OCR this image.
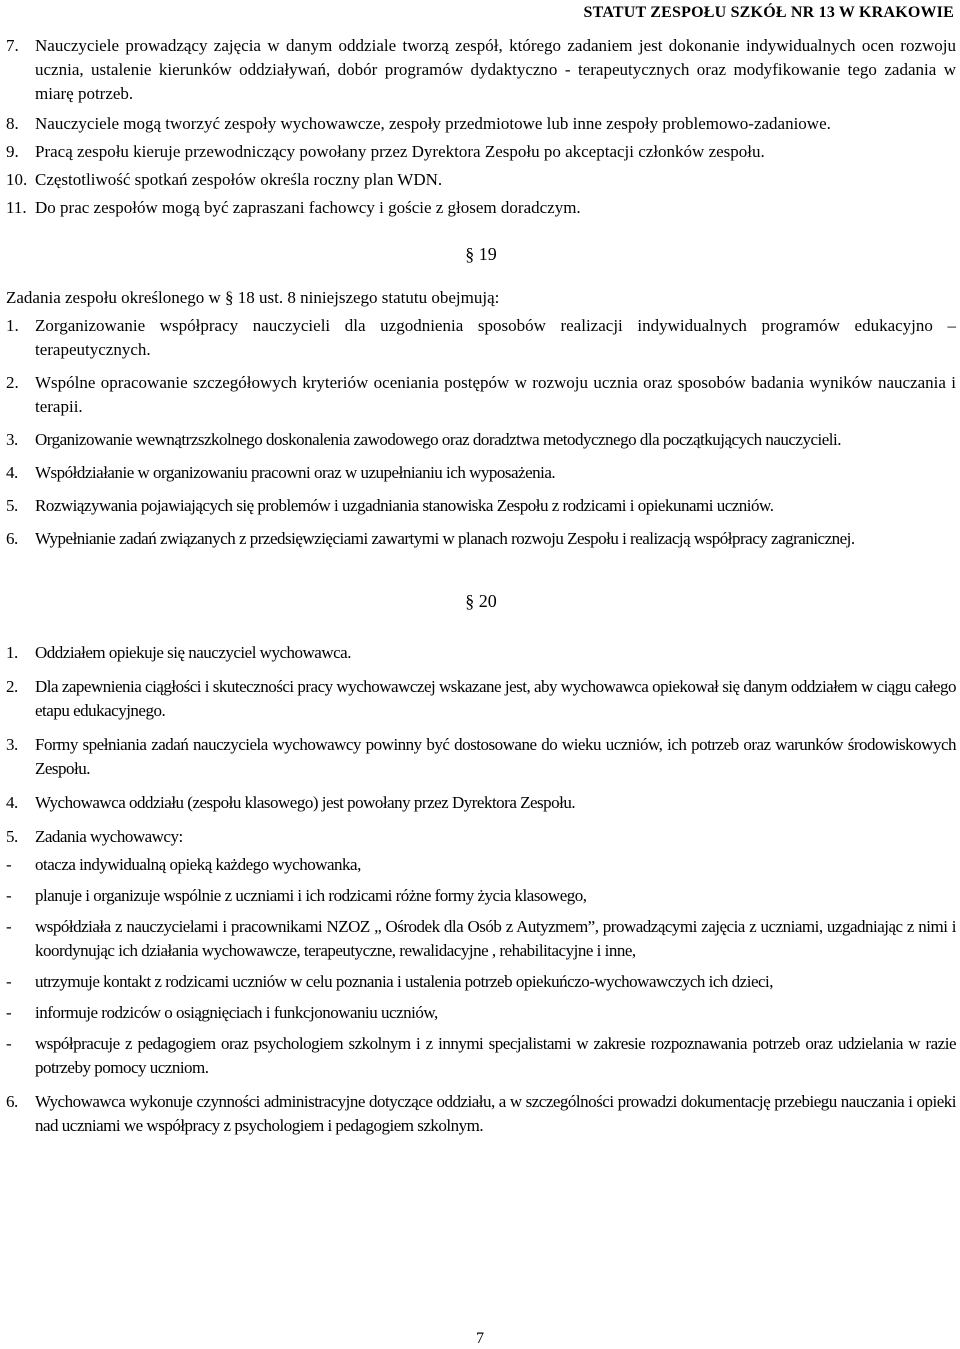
STATUT ZESPOŁU SZKÓŁ NR 13 W KRAKOWIE
7. Nauczyciele prowadzący zajęcia w danym oddziale tworzą zespół, którego zadaniem jest dokonanie indywidualnych ocen rozwoju ucznia, ustalenie kierunków oddziaływań, dobór programów dydaktyczno - terapeutycznych oraz modyfikowanie tego zadania w miarę potrzeb.
8. Nauczyciele mogą tworzyć zespoły wychowawcze, zespoły przedmiotowe lub inne zespoły problemowo-zadaniowe.
9. Pracą zespołu kieruje przewodniczący powołany przez Dyrektora Zespołu po akceptacji członków zespołu.
10. Częstotliwość spotkań zespołów określa roczny plan WDN.
11. Do prac zespołów mogą być zapraszani fachowcy i goście z głosem doradczym.
§ 19
Zadania zespołu określonego w § 18 ust. 8 niniejszego statutu obejmują:
1. Zorganizowanie współpracy nauczycieli dla uzgodnienia sposobów realizacji indywidualnych programów edukacyjno – terapeutycznych.
2. Wspólne opracowanie szczegółowych kryteriów oceniania postępów w rozwoju ucznia oraz sposobów badania wyników nauczania i terapii.
3. Organizowanie wewnątrzszkolnego doskonalenia zawodowego oraz doradztwa metodycznego dla początkujących nauczycieli.
4. Współdziałanie w organizowaniu pracowni oraz w uzupełnianiu ich wyposażenia.
5. Rozwiązywania pojawiających się problemów i uzgadniania stanowiska Zespołu z rodzicami i opiekunami uczniów.
6. Wypełnianie zadań związanych z przedsięwzięciami zawartymi w planach rozwoju Zespołu i realizacją współpracy zagranicznej.
§ 20
1. Oddziałem opiekuje się nauczyciel wychowawca.
2. Dla zapewnienia ciągłości i skuteczności pracy wychowawczej wskazane jest, aby wychowawca opiekował się danym oddziałem w ciągu całego etapu edukacyjnego.
3. Formy spełniania zadań nauczyciela wychowawcy powinny być dostosowane do wieku uczniów, ich potrzeb oraz warunków środowiskowych Zespołu.
4. Wychowawca oddziału (zespołu klasowego) jest powołany przez Dyrektora Zespołu.
5. Zadania wychowawcy:
- otacza indywidualną opieką każdego wychowanka,
- planuje i organizuje wspólnie z uczniami i ich rodzicami różne formy życia klasowego,
- współdziała z nauczycielami i pracownikami NZOZ „ Ośrodek dla Osób z Autyzmem”, prowadzącymi zajęcia z uczniami, uzgadniając z nimi i koordynując ich działania wychowawcze, terapeutyczne, rewalidacyjne , rehabilitacyjne i inne,
- utrzymuje kontakt z rodzicami uczniów w celu poznania i ustalenia potrzeb opiekuńczo-wychowawczych ich dzieci,
- informuje rodziców o osiągnięciach i funkcjonowaniu uczniów,
- współpracuje z pedagogiem oraz psychologiem szkolnym i z innymi specjalistami w zakresie rozpoznawania potrzeb oraz udzielania w razie potrzeby pomocy uczniom.
6. Wychowawca wykonuje czynności administracyjne dotyczące oddziału, a w szczególności prowadzi dokumentację przebiegu nauczania i opieki nad uczniami we współpracy z psychologiem i pedagogiem szkolnym.
7
